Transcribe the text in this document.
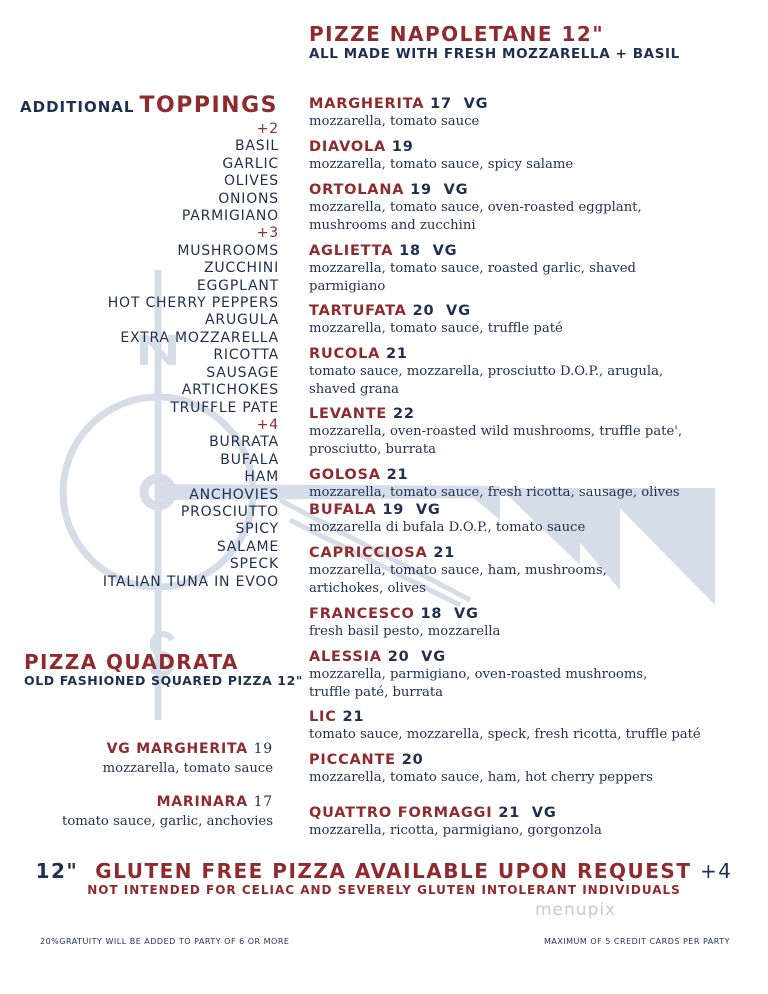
PIZZE NAPOLETANE 12"
ALL MADE WITH FRESH MOZZARELLA + BASIL
ADDITIONAL TOPPINGS
+2
BASIL
GARLIC
OLIVES
ONIONS
PARMIGIANO
+3
MUSHROOMS
ZUCCHINI
EGGPLANT
HOT CHERRY PEPPERS
ARUGULA
EXTRA MOZZARELLA
RICOTTA
SAUSAGE
ARTICHOKES
TRUFFLE PATE
+4
BURRATA
BUFALA
HAM
ANCHOVIES
PROSCIUTTO
SPICY
SALAME
SPECK
ITALIAN TUNA IN EVOO
MARGHERITA 17 VG
mozzarella, tomato sauce
DIAVOLA 19
mozzarella, tomato sauce, spicy salame
ORTOLANA 19 VG
mozzarella, tomato sauce, oven-roasted eggplant,
mushrooms and zucchini
AGLIETTA 18 VG
mozzarella, tomato sauce, roasted garlic, shaved
parmigiano
TARTUFATA 20 VG
mozzarella, tomato sauce, truffle paté
RUCOLA 21
tomato sauce, mozzarella, prosciutto D.O.P., arugula,
shaved grana
LEVANTE 22
mozzarella, oven-roasted wild mushrooms, truffle pate',
prosciutto, burrata
GOLOSA 21
mozzarella, tomato sauce, fresh ricotta, sausage, olives
BUFALA 19 VG
mozzarella di bufala D.O.P., tomato sauce
CAPRICCIOSA 21
mozzarella, tomato sauce, ham, mushrooms,
artichokes, olives
FRANCESCO 18 VG
fresh basil pesto, mozzarella
ALESSIA 20 VG
mozzarella, parmigiano, oven-roasted mushrooms,
truffle paté, burrata
LIC 21
tomato sauce, mozzarella, speck, fresh ricotta, truffle paté
PICCANTE 20
mozzarella, tomato sauce, ham, hot cherry peppers
QUATTRO FORMAGGI 21 VG
mozzarella, ricotta, parmigiano, gorgonzola
PIZZA QUADRATA
OLD FASHIONED SQUARED PIZZA 12"
VG MARGHERITA 19
mozzarella, tomato sauce
MARINARA 17
tomato sauce, garlic, anchovies
12" GLUTEN FREE PIZZA AVAILABLE UPON REQUEST +4
NOT INTENDED FOR CELIAC AND SEVERELY GLUTEN INTOLERANT INDIVIDUALS
menupix
20%GRATUITY WILL BE ADDED TO PARTY OF 6 OR MORE	MAXIMUM OF 5 CREDIT CARDS PER PARTY
